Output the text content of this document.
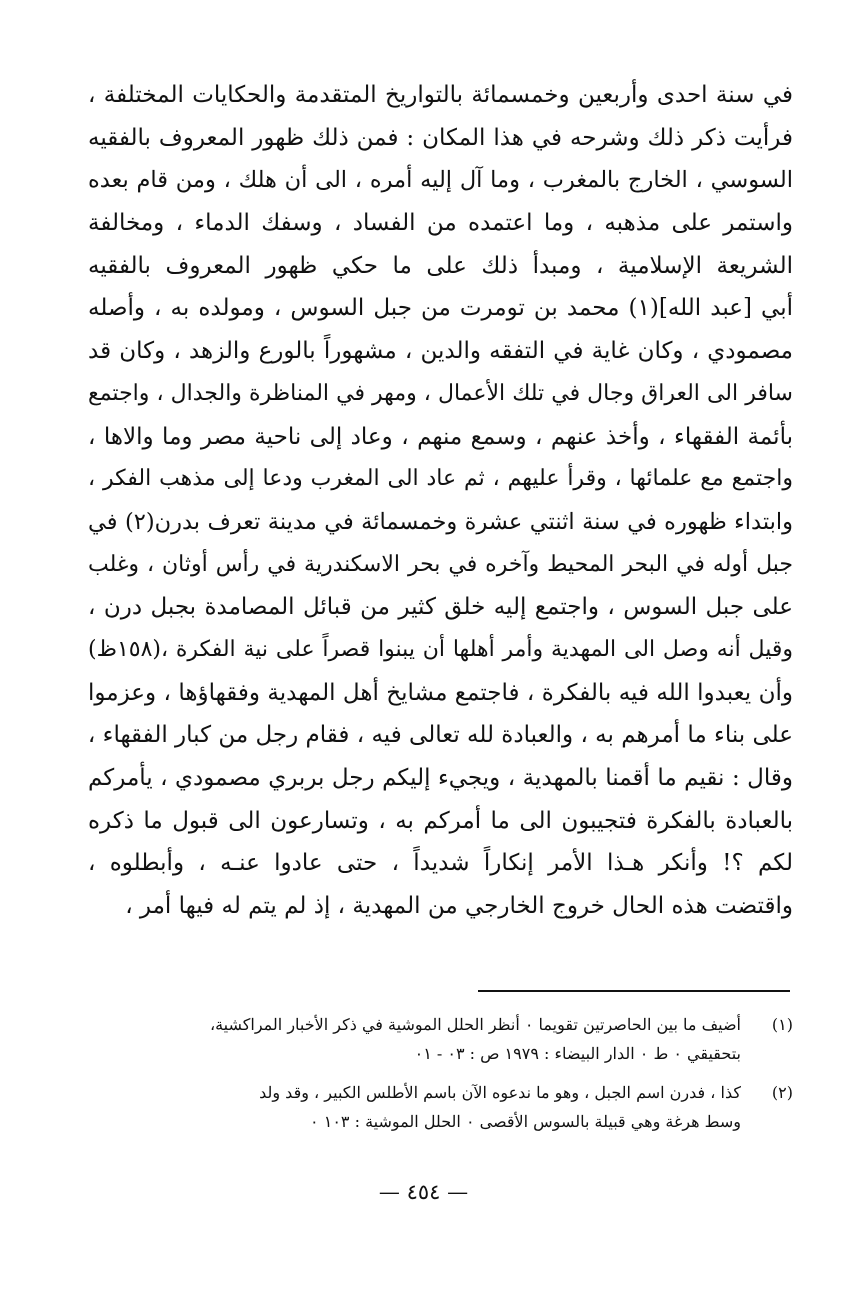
في سنة احدى وأربعين وخمسمائة بالتواريخ المتقدمة والحكايات المختلفة ،
فرأيت ذكر ذلك وشرحه في هذا المكان : فمن ذلك ظهور المعروف بالفقيه
السوسي ، الخارج بالمغرب ، وما آل إليه أمره ، الى أن هلك ، ومن قام بعده
واستمر على مذهبه ، وما اعتمده من الفساد ، وسفك الدماء ، ومخالفة
الشريعة الإسلامية ، ومبدأ ذلك على ما حكي ظهور المعروف بالفقيه
أبي [عبد الله](١) محمد بن تومرت من جبل السوس ، ومولده به ، وأصله
مصمودي ، وكان غاية في التفقه والدين ، مشهوراً بالورع والزهد ، وكان قد
سافر الى العراق وجال في تلك الأعمال ، ومهر في المناظرة والجدال ، واجتمع
بأئمة الفقهاء ، وأخذ عنهم ، وسمع منهم ، وعاد إلى ناحية مصر وما والاها ،
واجتمع مع علمائها ، وقرأ عليهم ، ثم عاد الى المغرب ودعا إلى مذهب الفكر ،
وابتداء ظهوره في سنة اثنتي عشرة وخمسمائة في مدينة تعرف بدرن(٢) في
جبل أوله في البحر المحيط وآخره في بحر الاسكندرية في رأس أوثان ، وغلب
على جبل السوس ، واجتمع إليه خلق كثير من قبائل المصامدة بجبل درن ،
وقيل أنه وصل الى المهدية وأمر أهلها أن يبنوا قصراً على نية الفكرة ،(١٥٨ظ)
وأن يعبدوا الله فيه بالفكرة ، فاجتمع مشايخ أهل المهدية وفقهاؤها ، وعزموا
على بناء ما أمرهم به ، والعبادة لله تعالى فيه ، فقام رجل من كبار الفقهاء ،
وقال : نقيم ما أقمنا بالمهدية ، ويجيء إليكم رجل بربري مصمودي ، يأمركم
بالعبادة بالفكرة فتجيبون الى ما أمركم به ، وتسارعون الى قبول ما ذكره
لكم ؟! وأنكر هـذا الأمر إنكاراً شديداً ، حتى عادوا عنـه ، وأبطلوه ،
واقتضت هذه الحال خروج الخارجي من المهدية ، إذ لم يتم له فيها أمر ،
(١)
أضيف ما بين الحاصرتين تقويما ٠ أنظر الحلل الموشية في ذكر الأخبار المراكشية،
بتحقيقي ٠ ط ٠ الدار البيضاء : ١٩٧٩ ص : ٠٣ - ٠١
(٢)
كذا ، فدرن اسم الجبل ، وهو ما ندعوه الآن باسم الأطلس الكبير ، وقد ولد
وسط هرغة وهي قبيلة بالسوس الأقصى ٠ الحلل الموشية : ١٠٣ ٠
— ٤٥٤ —
